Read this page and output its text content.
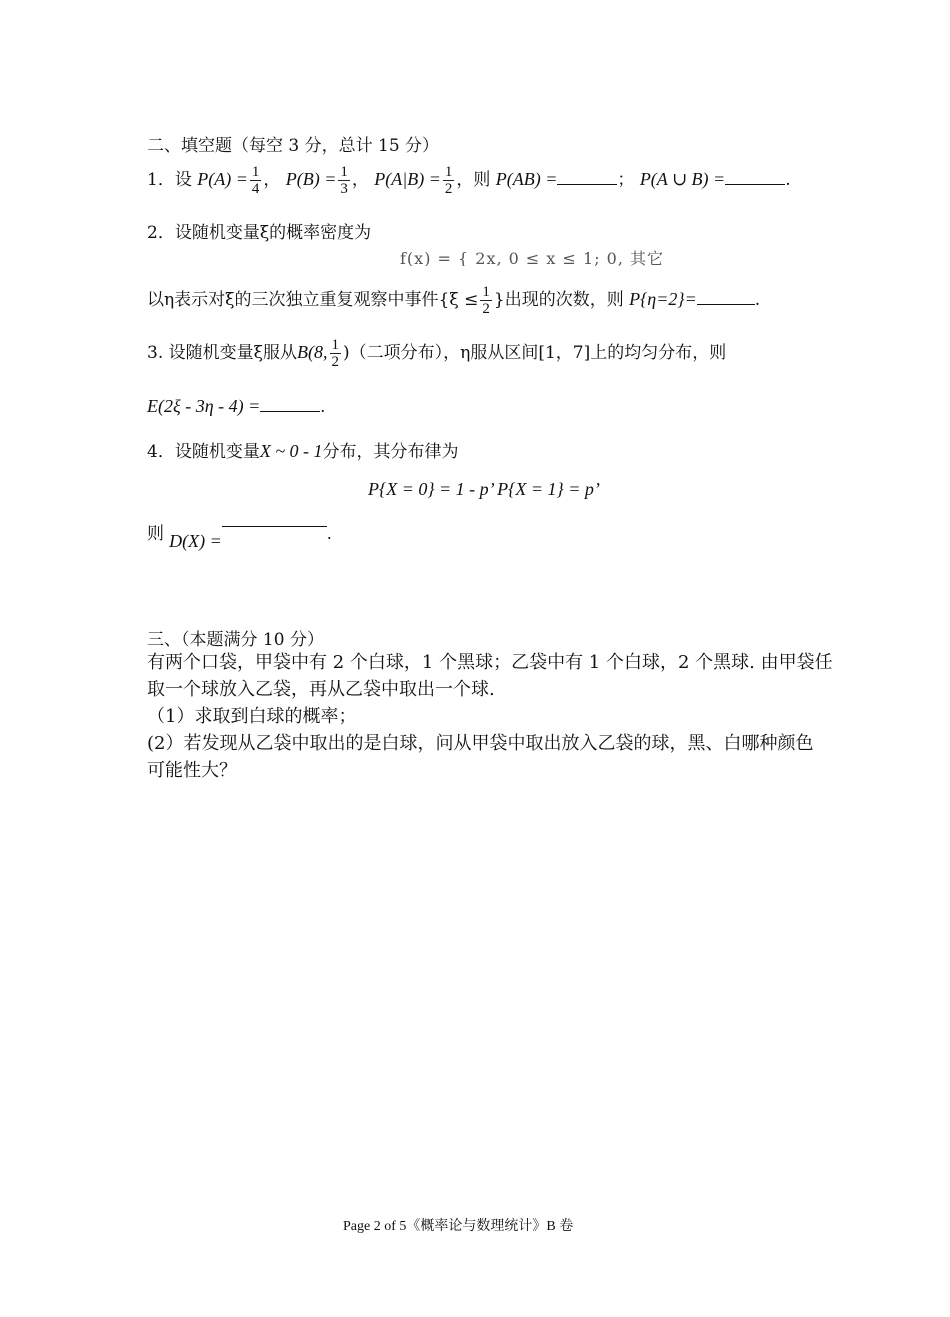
二、填空题（每空 3 分，总计 15 分）
1．设 $P(A) = \frac{1}{4}$ ， $P(B) = \frac{1}{3}$ ， $P(A|B) = \frac{1}{2}$ ，则 P(AB) =	； P(A ∪ B) =	.
2．设随机变量ξ的概率密度为
f(x) = { 2x, 0 ≤ x ≤ 1; 0, 其它
以η表示对ξ的三次独立重复观察中事件{$\xi \le \frac{1}{2}$ }出现的次数，则 P{η=2}=	.
3. 设随机变量ξ服从B(8, $\frac{1}{2}$ )（二项分布），η服从区间[1，7]上的均匀分布，则
E(2ξ - 3η - 4) =	.
4．设随机变量X ~ 0 - 1分布，其分布律为
P{X = 0} = 1 - p’ P{X = 1} = p’
则 D(X) =	.
三、（本题满分 10 分）
有两个口袋，甲袋中有 2 个白球，1 个黑球；乙袋中有 1 个白球，2 个黑球. 由甲袋任
取一个球放入乙袋，再从乙袋中取出一个球.
（1）求取到白球的概率；
(2）若发现从乙袋中取出的是白球，问从甲袋中取出放入乙袋的球，黑、白哪种颜色
可能性大？
Page 2 of 5《概率论与数理统计》B 卷
